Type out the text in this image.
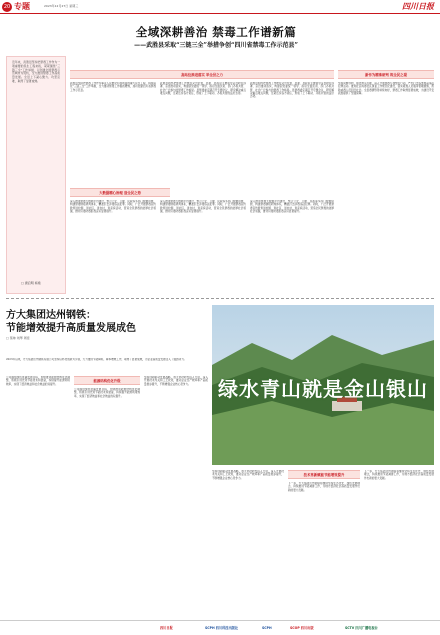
20 专题	2023年12月27日 星期三	四川日报
近年来，武胜县坚持把禁毒工作作为一项重要的民生工程来抓，紧紧围绕“三链三全”工作举措，以创建全国禁毒示范城市为契机，全力推进禁毒工作高质量发展。全县上下凝心聚力、攻坚克难，取得了显著成效。
□ 唐启明 杨艳
全域深耕善治 禁毒工作谱新篇
——武胜县采取“三链三全”举措争创“四川省禁毒工作示范县”
高站位推进落实 举全县之力
武胜县坚持把禁毒工作作为事关人民群众切身利益的重大民生工程，持续深化“三链三全”工作举措，全力推动禁毒工作提质增效，成功创建四川省禁毒工作示范县。
武胜县始终把禁毒工作摆在突出位置，县委、县政府主要领导亲自研究部署、亲自推动落实，构建起党委统一领导、政府全面负责、部门齐抓共管、社会广泛参与的禁毒工作格局。县禁毒委定期召开专题会议，研究解决重点难点问题，压紧压实各方责任，形成了上下联动、齐抓共管的良好态势。
武胜县始终把禁毒工作摆在突出位置，县委、县政府主要领导亲自研究部署、亲自推动落实，构建起党委统一领导、政府全面负责、部门齐抓共管、社会广泛参与的禁毒工作格局。县禁毒委定期召开专题会议，研究解决重点难点问题，压紧压实各方责任，形成了上下联动、齐抓共管的良好态势。
大数据精心治理 造全民之势
深入推进禁毒大数据平台建设，整合公安、卫健、民政等多部门数据资源，构建禁毒情报研判体系，精准打击涉毒违法犯罪。同时，广泛开展禁毒宣传教育进校园、进社区、进农村、进家庭活动，营造全民禁毒的浓厚社会氛围，群众识毒防毒拒毒意识显著提升。
深入推进禁毒大数据平台建设，整合公安、卫健、民政等多部门数据资源，构建禁毒情报研判体系，精准打击涉毒违法犯罪。同时，广泛开展禁毒宣传教育进校园、进社区、进农村、进家庭活动，营造全民禁毒的浓厚社会氛围，群众识毒防毒拒毒意识显著提升。
深入推进禁毒大数据平台建设，整合公安、卫健、民政等多部门数据资源，构建禁毒情报研判体系，精准打击涉毒违法犯罪。同时，广泛开展禁毒宣传教育进校园、进社区、进农村、进家庭活动，营造全民禁毒的浓厚社会氛围，群众识毒防毒拒毒意识显著提升。
新作为精准研判 筑全民之堤
坚持问题导向，强化源头治理，深入开展禁毒专项整治行动，严厉打击各类毒品违法犯罪活动。推进社区戒毒社区康复工作规范化建设，落实吸毒人员服务管理措施，帮助戒毒人员回归社会。全县毒情形势持续向好，禁毒工作取得显著成效，为建设平安武胜提供了坚强保障。
方大集团达州钢铁：
节能增效提升高质量发展成色
□ 蔡帅 刘琴 周佳
2023年以来，方大集团达州钢铁有限公司坚持以科技创新为引领，大力推进节能降耗、降本增效工作，取得了显著成效，为企业高质量发展注入了强劲动力。
公司围绕绿色低碳发展目标，加快推进能源结构优化调整，积极引进先进节能技术和装备，持续提升能源利用效率，实现了经济效益和社会效益的双提升。
能源结构优化升级
公司围绕绿色低碳发展目标，加快推进能源结构优化调整，积极引进先进节能技术和装备，持续提升能源利用效率，实现了经济效益和社会效益的双提升。
坚持创新驱动发展战略，加大科技研发投入力度，深入开展技术攻关和工艺改进，推动企业生产效率和产品质量稳步提升，不断增强企业核心竞争力。	绿水青山就是金山银山
坚持创新驱动发展战略，加大科技研发投入力度，深入开展技术攻关和工艺改进，推动企业生产效率和产品质量稳步提升，不断增强企业核心竞争力。
技术革新赋能节能增效提升
下一步，方大集团达州钢铁将继续坚持生态优先、绿色发展理念，持续推进节能减排工作，为地方经济社会高质量发展作出新的更大贡献。
下一步，方大集团达州钢铁将继续坚持生态优先、绿色发展理念，持续推进节能减排工作，为地方经济社会高质量发展作出新的更大贡献。
四川日报	SCPH 四川科技出版社	SCPH	SCOP 四川出版	SCTV 四川广播电视台
